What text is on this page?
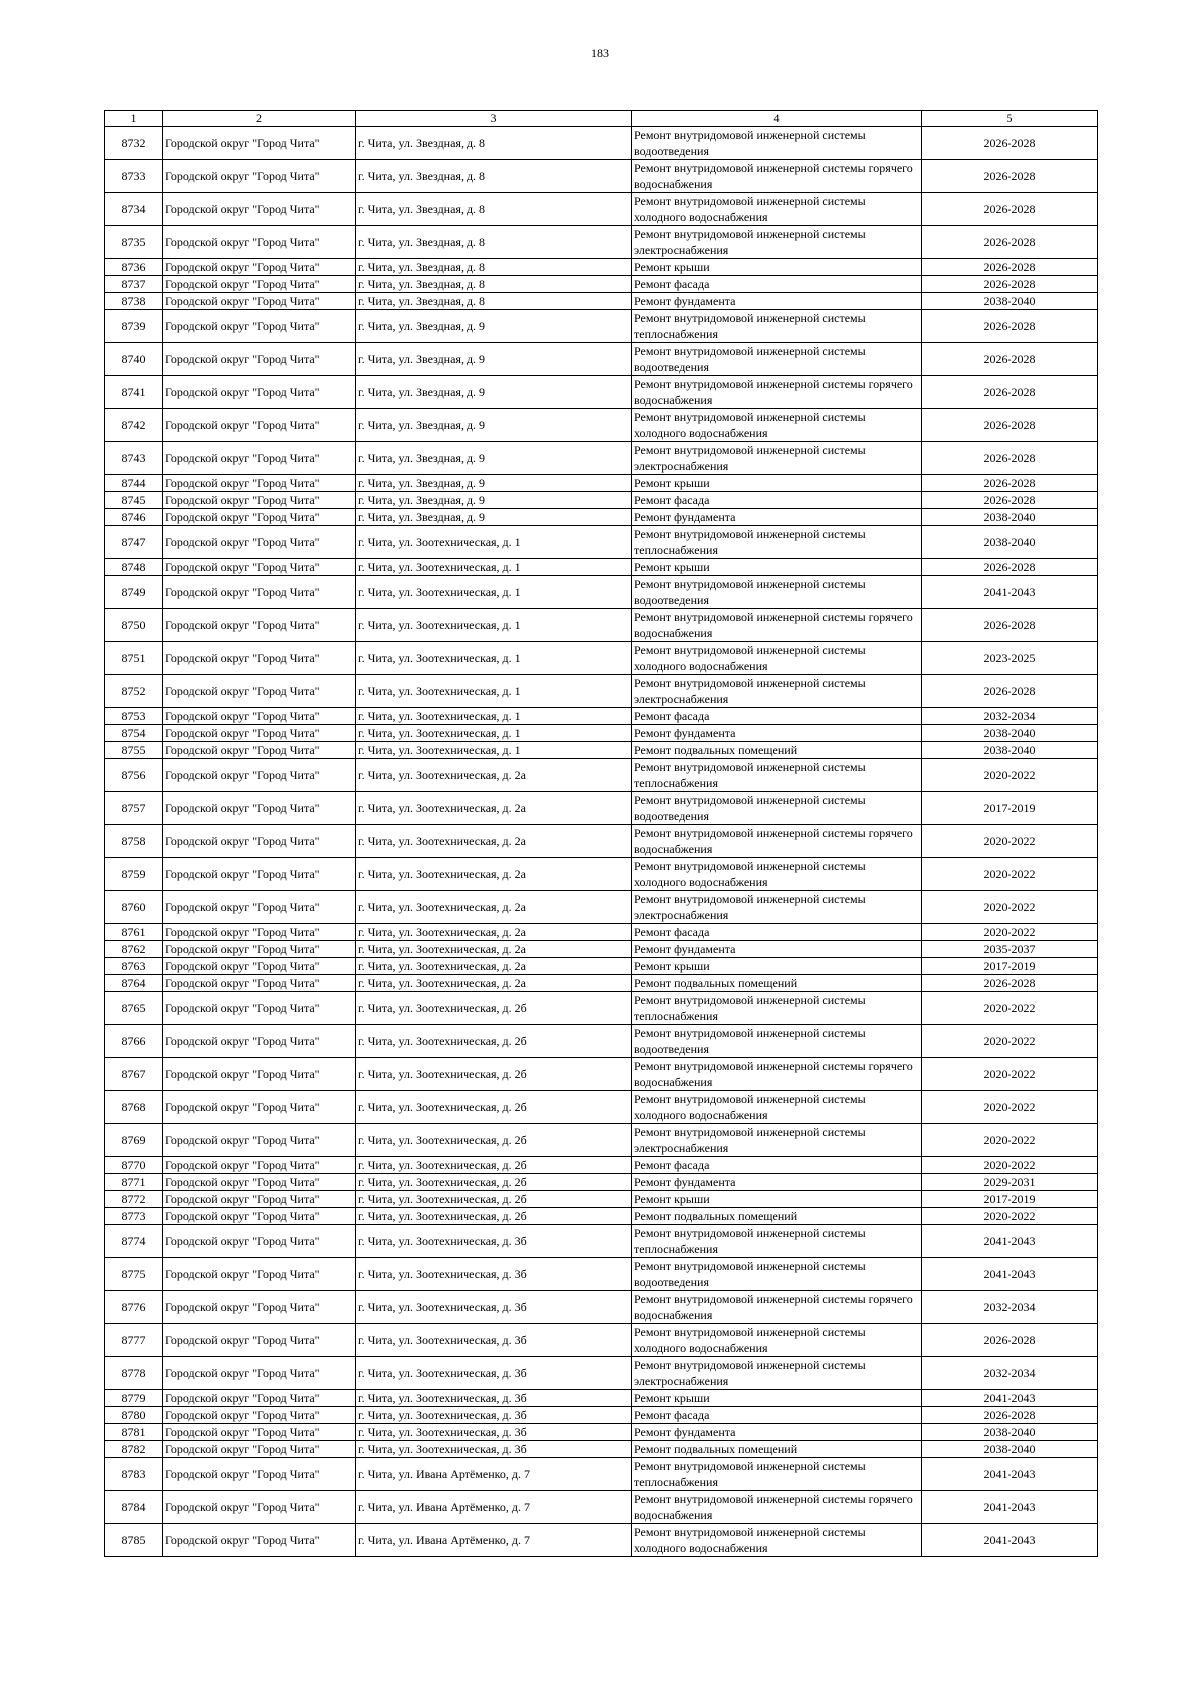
183
1	2	3	4	5
8732	Городской округ "Город Чита"	г. Чита, ул. Звездная, д. 8	Ремонт внутридомовой инженерной системы водоотведения	2026-2028
8733	Городской округ "Город Чита"	г. Чита, ул. Звездная, д. 8	Ремонт внутридомовой инженерной системы горячего водоснабжения	2026-2028
8734	Городской округ "Город Чита"	г. Чита, ул. Звездная, д. 8	Ремонт внутридомовой инженерной системы холодного водоснабжения	2026-2028
8735	Городской округ "Город Чита"	г. Чита, ул. Звездная, д. 8	Ремонт внутридомовой инженерной системы электроснабжения	2026-2028
8736	Городской округ "Город Чита"	г. Чита, ул. Звездная, д. 8	Ремонт крыши	2026-2028
8737	Городской округ "Город Чита"	г. Чита, ул. Звездная, д. 8	Ремонт фасада	2026-2028
8738	Городской округ "Город Чита"	г. Чита, ул. Звездная, д. 8	Ремонт фундамента	2038-2040
8739	Городской округ "Город Чита"	г. Чита, ул. Звездная, д. 9	Ремонт внутридомовой инженерной системы теплоснабжения	2026-2028
8740	Городской округ "Город Чита"	г. Чита, ул. Звездная, д. 9	Ремонт внутридомовой инженерной системы водоотведения	2026-2028
8741	Городской округ "Город Чита"	г. Чита, ул. Звездная, д. 9	Ремонт внутридомовой инженерной системы горячего водоснабжения	2026-2028
8742	Городской округ "Город Чита"	г. Чита, ул. Звездная, д. 9	Ремонт внутридомовой инженерной системы холодного водоснабжения	2026-2028
8743	Городской округ "Город Чита"	г. Чита, ул. Звездная, д. 9	Ремонт внутридомовой инженерной системы электроснабжения	2026-2028
8744	Городской округ "Город Чита"	г. Чита, ул. Звездная, д. 9	Ремонт крыши	2026-2028
8745	Городской округ "Город Чита"	г. Чита, ул. Звездная, д. 9	Ремонт фасада	2026-2028
8746	Городской округ "Город Чита"	г. Чита, ул. Звездная, д. 9	Ремонт фундамента	2038-2040
8747	Городской округ "Город Чита"	г. Чита, ул. Зоотехническая, д. 1	Ремонт внутридомовой инженерной системы теплоснабжения	2038-2040
8748	Городской округ "Город Чита"	г. Чита, ул. Зоотехническая, д. 1	Ремонт крыши	2026-2028
8749	Городской округ "Город Чита"	г. Чита, ул. Зоотехническая, д. 1	Ремонт внутридомовой инженерной системы водоотведения	2041-2043
8750	Городской округ "Город Чита"	г. Чита, ул. Зоотехническая, д. 1	Ремонт внутридомовой инженерной системы горячего водоснабжения	2026-2028
8751	Городской округ "Город Чита"	г. Чита, ул. Зоотехническая, д. 1	Ремонт внутридомовой инженерной системы холодного водоснабжения	2023-2025
8752	Городской округ "Город Чита"	г. Чита, ул. Зоотехническая, д. 1	Ремонт внутридомовой инженерной системы электроснабжения	2026-2028
8753	Городской округ "Город Чита"	г. Чита, ул. Зоотехническая, д. 1	Ремонт фасада	2032-2034
8754	Городской округ "Город Чита"	г. Чита, ул. Зоотехническая, д. 1	Ремонт фундамента	2038-2040
8755	Городской округ "Город Чита"	г. Чита, ул. Зоотехническая, д. 1	Ремонт подвальных помещений	2038-2040
8756	Городской округ "Город Чита"	г. Чита, ул. Зоотехническая, д. 2а	Ремонт внутридомовой инженерной системы теплоснабжения	2020-2022
8757	Городской округ "Город Чита"	г. Чита, ул. Зоотехническая, д. 2а	Ремонт внутридомовой инженерной системы водоотведения	2017-2019
8758	Городской округ "Город Чита"	г. Чита, ул. Зоотехническая, д. 2а	Ремонт внутридомовой инженерной системы горячего водоснабжения	2020-2022
8759	Городской округ "Город Чита"	г. Чита, ул. Зоотехническая, д. 2а	Ремонт внутридомовой инженерной системы холодного водоснабжения	2020-2022
8760	Городской округ "Город Чита"	г. Чита, ул. Зоотехническая, д. 2а	Ремонт внутридомовой инженерной системы электроснабжения	2020-2022
8761	Городской округ "Город Чита"	г. Чита, ул. Зоотехническая, д. 2а	Ремонт фасада	2020-2022
8762	Городской округ "Город Чита"	г. Чита, ул. Зоотехническая, д. 2а	Ремонт фундамента	2035-2037
8763	Городской округ "Город Чита"	г. Чита, ул. Зоотехническая, д. 2а	Ремонт крыши	2017-2019
8764	Городской округ "Город Чита"	г. Чита, ул. Зоотехническая, д. 2а	Ремонт подвальных помещений	2026-2028
8765	Городской округ "Город Чита"	г. Чита, ул. Зоотехническая, д. 2б	Ремонт внутридомовой инженерной системы теплоснабжения	2020-2022
8766	Городской округ "Город Чита"	г. Чита, ул. Зоотехническая, д. 2б	Ремонт внутридомовой инженерной системы водоотведения	2020-2022
8767	Городской округ "Город Чита"	г. Чита, ул. Зоотехническая, д. 2б	Ремонт внутридомовой инженерной системы горячего водоснабжения	2020-2022
8768	Городской округ "Город Чита"	г. Чита, ул. Зоотехническая, д. 2б	Ремонт внутридомовой инженерной системы холодного водоснабжения	2020-2022
8769	Городской округ "Город Чита"	г. Чита, ул. Зоотехническая, д. 2б	Ремонт внутридомовой инженерной системы электроснабжения	2020-2022
8770	Городской округ "Город Чита"	г. Чита, ул. Зоотехническая, д. 2б	Ремонт фасада	2020-2022
8771	Городской округ "Город Чита"	г. Чита, ул. Зоотехническая, д. 2б	Ремонт фундамента	2029-2031
8772	Городской округ "Город Чита"	г. Чита, ул. Зоотехническая, д. 2б	Ремонт крыши	2017-2019
8773	Городской округ "Город Чита"	г. Чита, ул. Зоотехническая, д. 2б	Ремонт подвальных помещений	2020-2022
8774	Городской округ "Город Чита"	г. Чита, ул. Зоотехническая, д. 3б	Ремонт внутридомовой инженерной системы теплоснабжения	2041-2043
8775	Городской округ "Город Чита"	г. Чита, ул. Зоотехническая, д. 3б	Ремонт внутридомовой инженерной системы водоотведения	2041-2043
8776	Городской округ "Город Чита"	г. Чита, ул. Зоотехническая, д. 3б	Ремонт внутридомовой инженерной системы горячего водоснабжения	2032-2034
8777	Городской округ "Город Чита"	г. Чита, ул. Зоотехническая, д. 3б	Ремонт внутридомовой инженерной системы холодного водоснабжения	2026-2028
8778	Городской округ "Город Чита"	г. Чита, ул. Зоотехническая, д. 3б	Ремонт внутридомовой инженерной системы электроснабжения	2032-2034
8779	Городской округ "Город Чита"	г. Чита, ул. Зоотехническая, д. 3б	Ремонт крыши	2041-2043
8780	Городской округ "Город Чита"	г. Чита, ул. Зоотехническая, д. 3б	Ремонт фасада	2026-2028
8781	Городской округ "Город Чита"	г. Чита, ул. Зоотехническая, д. 3б	Ремонт фундамента	2038-2040
8782	Городской округ "Город Чита"	г. Чита, ул. Зоотехническая, д. 3б	Ремонт подвальных помещений	2038-2040
8783	Городской округ "Город Чита"	г. Чита, ул. Ивана Артёменко, д. 7	Ремонт внутридомовой инженерной системы теплоснабжения	2041-2043
8784	Городской округ "Город Чита"	г. Чита, ул. Ивана Артёменко, д. 7	Ремонт внутридомовой инженерной системы горячего водоснабжения	2041-2043
8785	Городской округ "Город Чита"	г. Чита, ул. Ивана Артёменко, д. 7	Ремонт внутридомовой инженерной системы холодного водоснабжения	2041-2043
